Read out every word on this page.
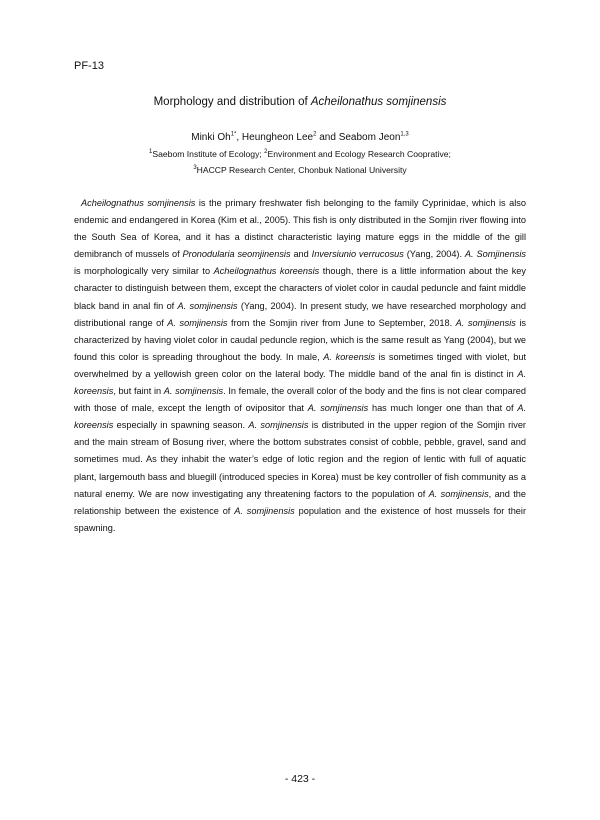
PF-13
Morphology and distribution of Acheilonathus somjinensis
Minki $Oh^{1*}$, Heungheon Lee$^2$ and Seabom Jeon$^{1,3}$
$^1$Saebom Institute of Ecology; $^2$Environment and Ecology Research Cooprаtive;
$^3$HACCP Research Center, Chonbuk National University

Acheilognathus somjinensis is the primary freshwater fish belonging to the family Cyprinidae, which is also endemic and endangered in Korea (Kim et al., 2005). This fish is only distributed in the Somjin river flowing into the South Sea of Korea, and it has a distinct characteristic laying mature eggs in the middle of the gill demibranch of mussels of Pronodularia seomjinensis and Inversiunio verrucosus (Yang, 2004). A. Somjinensis is morphologically very similar to Acheilognathus koreensis though, there is a little information about the key character to distinguish between them, except the characters of violet color in caudal peduncle and faint middle black band in anal fin of A. somjinensis (Yang, 2004). In present study, we have researched morphology and distributional range of A. somjinensis from the Somjin river from June to September, 2018. A. somjinensis is characterized by having violet color in caudal peduncle region, which is the same result as Yang (2004), but we found this color is spreading throughout the body. In male, A. koreensis is sometimes tinged with violet, but overwhelmed by a yellowish green color on the lateral body. The middle band of the anal fin is distinct in A. koreensis, but faint in A. somjinensis. In female, the overall color of the body and the fins is not clear compared with those of male, except the length of ovipositor that A. somjinensis has much longer one than that of A. koreensis especially in spawning season. A. somjinensis is distributed in the upper region of the Somjin river and the main stream of Bosung river, where the bottom substrates consist of cobble, pebble, gravel, sand and sometimes mud. As they inhabit the water’s edge of lotic region and the region of lentic with full of aquatic plant, largemouth bass and bluegill (introduced species in Korea) must be key controller of fish community as a natural enemy. We are now investigating any threatening factors to the population of A. somjinensis, and the relationship between the existence of A. somjinensis population and the existence of host mussels for their spawning.

- 423 -
